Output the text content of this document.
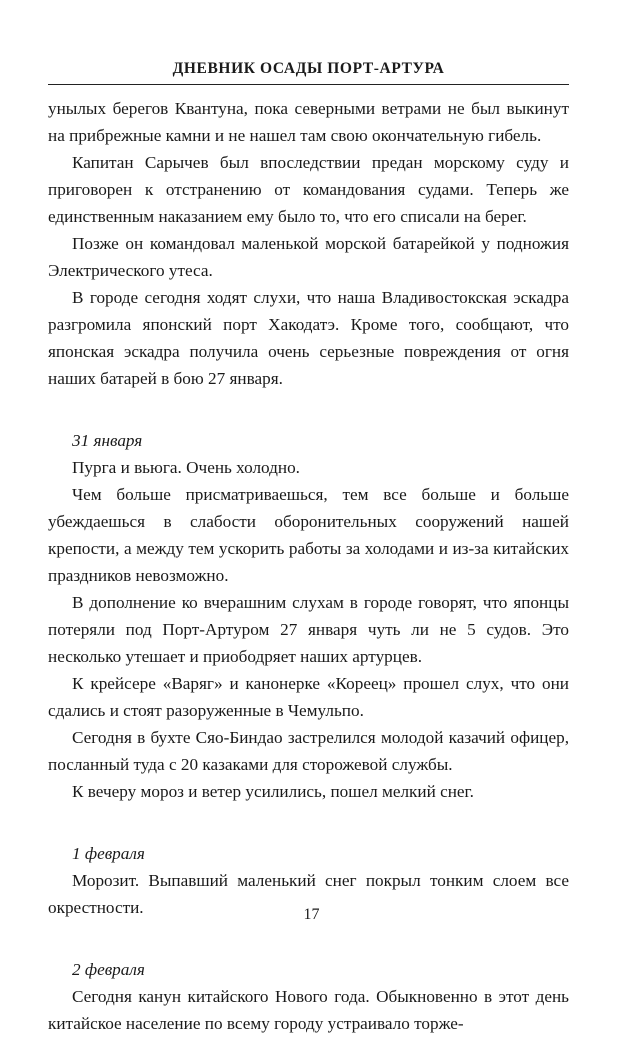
ДНЕВНИК ОСАДЫ ПОРТ-АРТУРА

унылых берегов Квантуна, пока северными ветрами не был выкинут на прибрежные камни и не нашел там свою окончательную гибель.

Капитан Сарычев был впоследствии предан морскому суду и приговорен к отстранению от командования судами. Теперь же единственным наказанием ему было то, что его списали на берег.

Позже он командовал маленькой морской батарейкой у подножия Электрического утеса.

В городе сегодня ходят слухи, что наша Владивостокская эскадра разгромила японский порт Хакодатэ. Кроме того, сообщают, что японская эскадра получила очень серьезные повреждения от огня наших батарей в бою 27 января.

31 января

Пурга и вьюга. Очень холодно.

Чем больше присматриваешься, тем все больше и больше убеждаешься в слабости оборонительных сооружений нашей крепости, а между тем ускорить работы за холодами и из-за китайских праздников невозможно.

В дополнение ко вчерашним слухам в городе говорят, что японцы потеряли под Порт-Артуром 27 января чуть ли не 5 судов. Это несколько утешает и приободряет наших артурцев.

К крейсере «Варяг» и канонерке «Кореец» прошел слух, что они сдались и стоят разоруженные в Чемульпо.

Сегодня в бухте Сяо-Биндао застрелился молодой казачий офицер, посланный туда с 20 казаками для сторожевой службы.

К вечеру мороз и ветер усилились, пошел мелкий снег.

1 февраля

Морозит. Выпавший маленький снег покрыл тонким слоем все окрестности.

2 февраля

Сегодня канун китайского Нового года. Обыкновенно в этот день китайское население по всему городу устраивало торже-

17
